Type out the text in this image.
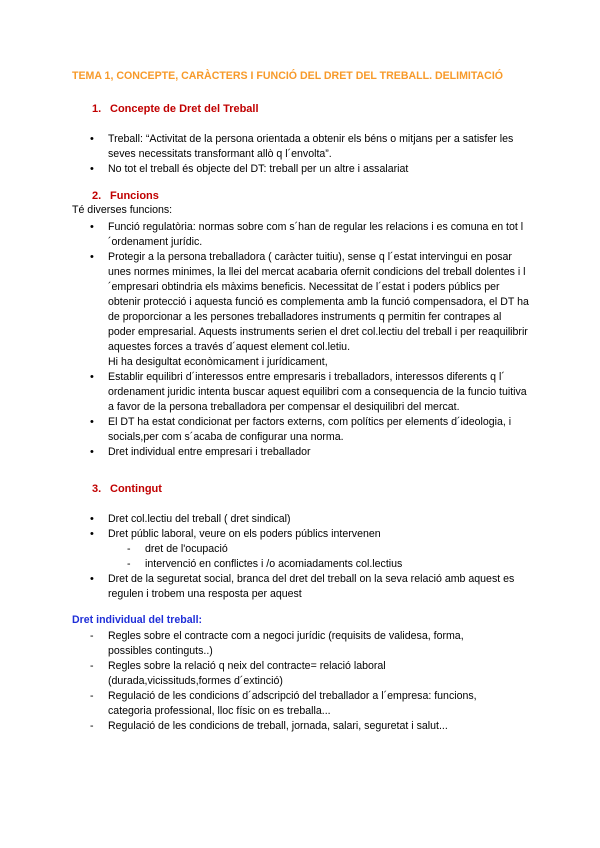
TEMA 1, CONCEPTE, CARÀCTERS I FUNCIÓ DEL DRET DEL TREBALL. DELIMITACIÓ
1. Concepte de Dret del Treball
• Treball: “Activitat de la persona orientada a obtenir els béns o mitjans per a satisfer les seves necessitats transformant allò q l´envolta”.
• No tot el treball és objecte del DT: treball per un altre i assalariat
2. Funcions
Té diverses funcions:
• Funció regulatòria: normas sobre com s´han de regular les relacions i es comuna en tot l´ordenament jurídic.
• Protegir a la persona treballadora ( caràcter tuitiu), sense q l´estat intervingui en posar unes normes minimes, la llei del mercat acabaria ofernit condicions del treball dolentes i l´empresari obtindria els màxims beneficis. Necessitat de l´estat i poders públics per obtenir protecció i aquesta funció es complementa amb la funció compensadora, el DT ha de proporcionar a les persones treballadores instruments q permitin fer contrapes al poder empresarial. Aquests instruments serien el dret col.lectiu del treball i per reaquilibrir aquestes forces a través d´aquest element col.letiu.
Hi ha desigultat econòmicament i jurídicament,
• Establir equilibri d´interessos entre empresaris i treballadors, interessos diferents q l´ ordenament juridic intenta buscar aquest equilibri com a consequencia de la funcio tuitiva a favor de la persona treballadora per compensar el desiquilibri del mercat.
• El DT ha estat condicionat per factors externs, com polítics per elements d´ideologia, i socials,per com s´acaba de configurar una norma.
• Dret individual entre empresari i treballador
3. Contingut
• Dret col.lectiu del treball ( dret sindical)
• Dret públic laboral, veure on els poders públics intervenen
- dret de l'ocupació
- intervenció en conflictes i /o acomiadaments col.lectius
• Dret de la seguretat social, branca del dret del treball on la seva relació amb aquest es regulen i trobem una resposta per aquest
Dret individual del treball:
- Regles sobre el contracte com a negoci jurídic (requisits de validesa, forma, possibles continguts..)
- Regles sobre la relació q neix del contracte= relació laboral (durada,vicissituds,formes d´extinció)
- Regulació de les condicions d´adscripció del treballador a l´empresa: funcions, categoria professional, lloc físic on es treballa...
- Regulació de les condicions de treball, jornada, salari, seguretat i salut...
